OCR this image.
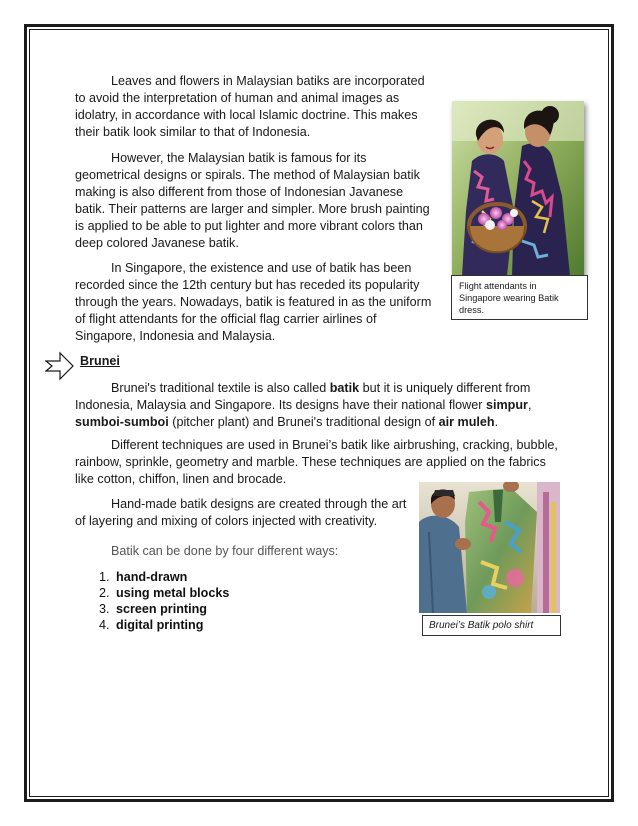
Leaves and flowers in Malaysian batiks are incorporated to avoid the interpretation of human and animal images as idolatry, in accordance with local Islamic doctrine. This makes their batik look similar to that of Indonesia.

However, the Malaysian batik is famous for its geometrical designs or spirals. The method of Malaysian batik making is also different from those of Indonesian Javanese batik. Their patterns are larger and simpler. More brush painting is applied to be able to put lighter and more vibrant colors than deep colored Javanese batik.

In Singapore, the existence and use of batik has been recorded since the 12th century but has receded its popularity through the years. Nowadays, batik is featured in as the uniform of flight attendants for the official flag carrier airlines of Singapore, Indonesia and Malaysia.

Flight attendants in Singapore wearing Batik dress.
Brunei

Brunei's traditional textile is also called batik but it is uniquely different from Indonesia, Malaysia and Singapore. Its designs have their national flower simpur, sumboi-sumboi (pitcher plant) and Brunei's traditional design of air muleh.

Different techniques are used in Brunei’s batik like airbrushing, cracking, bubble, rainbow, sprinkle, geometry and marble. These techniques are applied on the fabrics like cotton, chiffon, linen and brocade.

Hand-made batik designs are created through the art of layering and mixing of colors injected with creativity.

Batik can be done by four different ways:

1. hand-drawn
2. using metal blocks
3. screen printing
4. digital printing	Brunei’s Batik polo shirt
